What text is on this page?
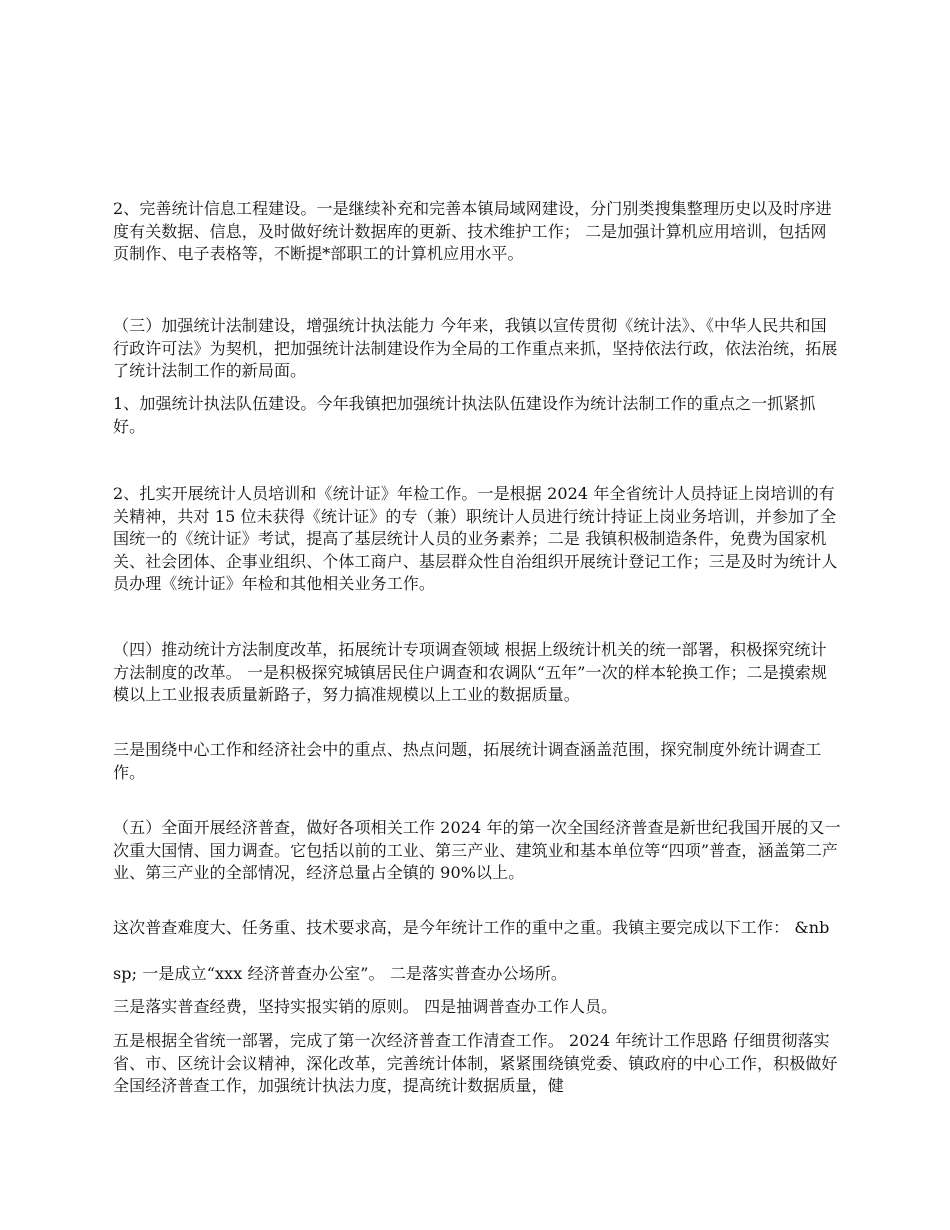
2、完善统计信息工程建设。一是继续补充和完善本镇局域网建设，分门别类搜集整理历史以及时序进度有关数据、信息，及时做好统计数据库的更新、技术维护工作； 二是加强计算机应用培训，包括网页制作、电子表格等，不断提*部职工的计算机应用水平。

（三）加强统计法制建设，增强统计执法能力 今年来，我镇以宣传贯彻《统计法》、《中华人民共和国行政许可法》为契机，把加强统计法制建设作为全局的工作重点来抓，坚持依法行政，依法治统，拓展了统计法制工作的新局面。

1、加强统计执法队伍建设。今年我镇把加强统计执法队伍建设作为统计法制工作的重点之一抓紧抓好。

2、扎实开展统计人员培训和《统计证》年检工作。一是根据 2024 年全省统计人员持证上岗培训的有关精神，共对 15 位未获得《统计证》的专（兼）职统计人员进行统计持证上岗业务培训，并参加了全国统一的《统计证》考试，提高了基层统计人员的业务素养；二是 我镇积极制造条件，免费为国家机关、社会团体、企事业组织、个体工商户、基层群众性自治组织开展统计登记工作；三是及时为统计人员办理《统计证》年检和其他相关业务工作。

（四）推动统计方法制度改革，拓展统计专项调查领域 根据上级统计机关的统一部署，积极探究统计方法制度的改革。 一是积极探究城镇居民住户调查和农调队“五年”一次的样本轮换工作；二是摸索规模以上工业报表质量新路子，努力搞准规模以上工业的数据质量。

三是围绕中心工作和经济社会中的重点、热点问题，拓展统计调查涵盖范围，探究制度外统计调查工作。

（五）全面开展经济普查，做好各项相关工作 2024 年的第一次全国经济普查是新世纪我国开展的又一次重大国情、国力调查。它包括以前的工业、第三产业、建筑业和基本单位等“四项”普查，涵盖第二产业、第三产业的全部情况，经济总量占全镇的 90%以上。

这次普查难度大、任务重、技术要求高，是今年统计工作的重中之重。我镇主要完成以下工作： &nb

sp; 一是成立“xxx 经济普查办公室”。 二是落实普查办公场所。

三是落实普查经费，坚持实报实销的原则。 四是抽调普查办工作人员。

五是根据全省统一部署，完成了第一次经济普查工作清查工作。 2024 年统计工作思路 仔细贯彻落实省、市、区统计会议精神，深化改革，完善统计体制，紧紧围绕镇党委、镇政府的中心工作，积极做好全国经济普查工作，加强统计执法力度，提高统计数据质量，健
